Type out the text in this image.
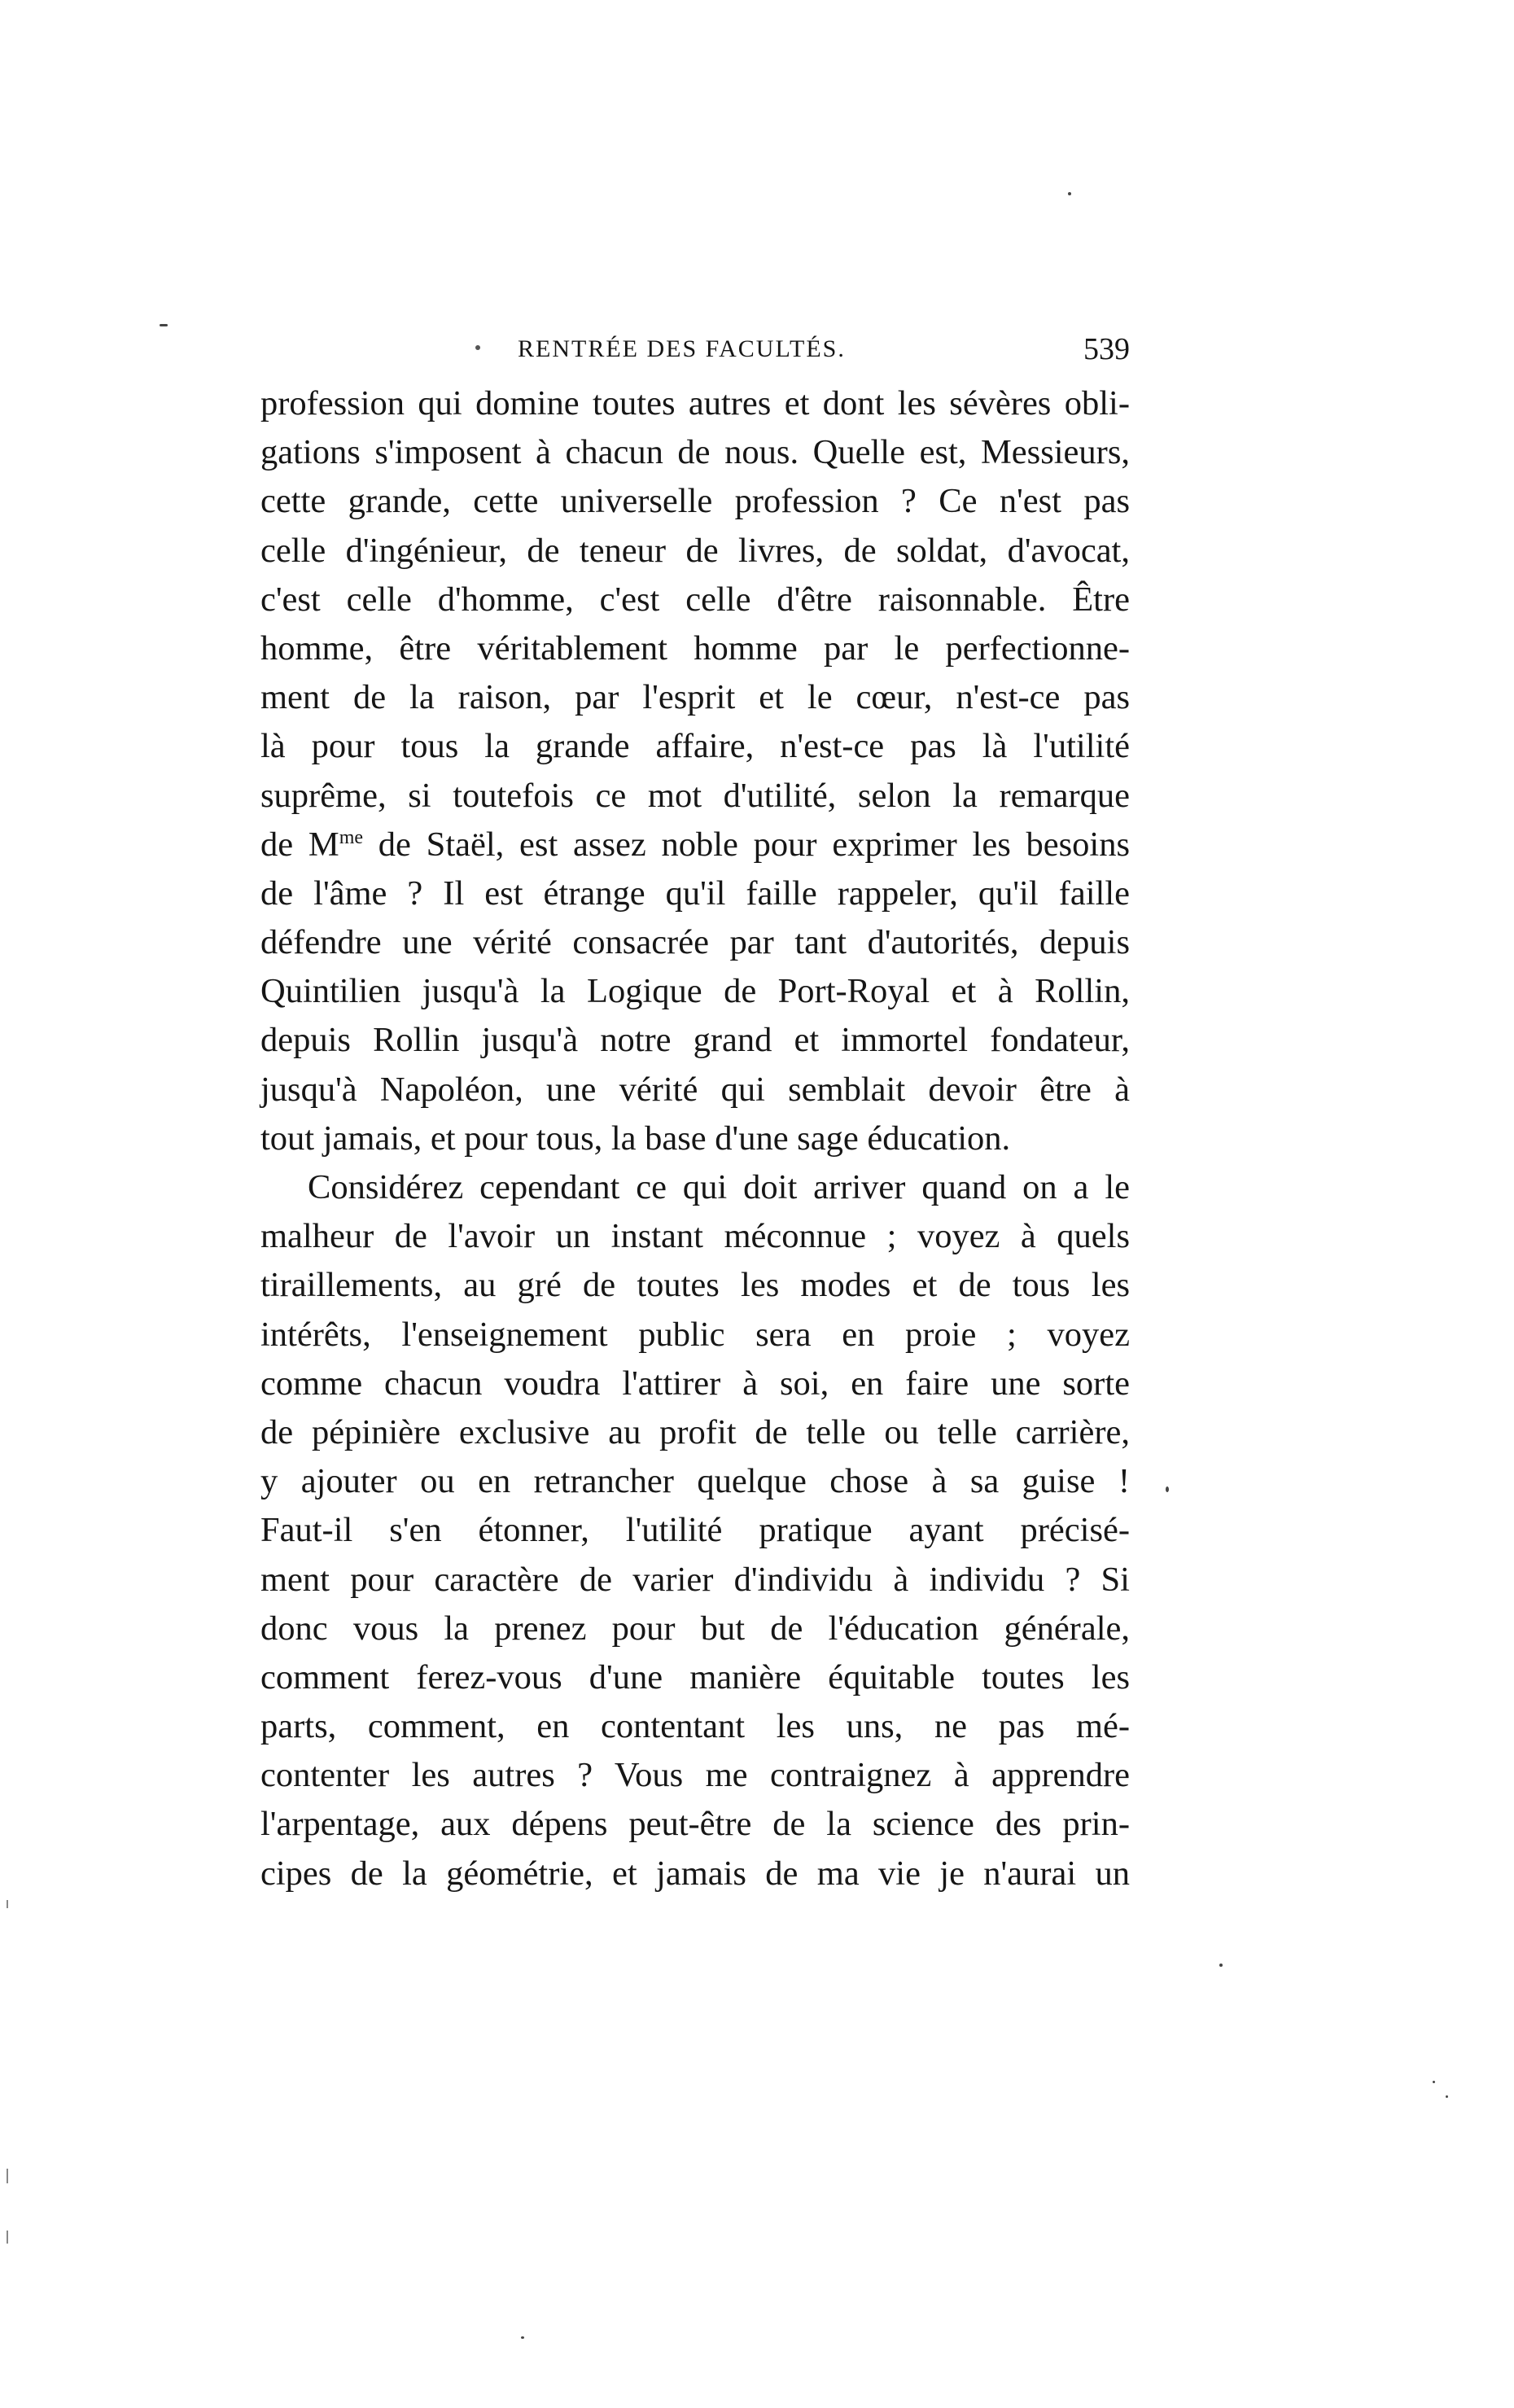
RENTRÉE DES FACULTÉS.	539
profession qui domine toutes autres et dont les sévères obli-
gations s'imposent à chacun de nous. Quelle est, Messieurs,
cette grande, cette universelle profession ? Ce n'est pas
celle d'ingénieur, de teneur de livres, de soldat, d'avocat,
c'est celle d'homme, c'est celle d'être raisonnable. Être
homme, être véritablement homme par le perfectionne-
ment de la raison, par l'esprit et le cœur, n'est-ce pas
là pour tous la grande affaire, n'est-ce pas là l'utilité
suprême, si toutefois ce mot d'utilité, selon la remarque
de $M^{me}$ de Staël, est assez noble pour exprimer les besoins
de l'âme ? Il est étrange qu'il faille rappeler, qu'il faille
défendre une vérité consacrée par tant d'autorités, depuis
Quintilien jusqu'à la Logique de Port-Royal et à Rollin,
depuis Rollin jusqu'à notre grand et immortel fondateur,
jusqu'à Napoléon, une vérité qui semblait devoir être à
tout jamais, et pour tous, la base d'une sage éducation.
Considérez cependant ce qui doit arriver quand on a le
malheur de l'avoir un instant méconnue ; voyez à quels
tiraillements, au gré de toutes les modes et de tous les
intérêts, l'enseignement public sera en proie ; voyez
comme chacun voudra l'attirer à soi, en faire une sorte
de pépinière exclusive au profit de telle ou telle carrière,
y ajouter ou en retrancher quelque chose à sa guise !
Faut-il s'en étonner, l'utilité pratique ayant précisé-
ment pour caractère de varier d'individu à individu ? Si
donc vous la prenez pour but de l'éducation générale,
comment ferez-vous d'une manière équitable toutes les
parts, comment, en contentant les uns, ne pas mé-
contenter les autres ? Vous me contraignez à apprendre
l'arpentage, aux dépens peut-être de la science des prin-
cipes de la géométrie, et jamais de ma vie je n'aurai un
